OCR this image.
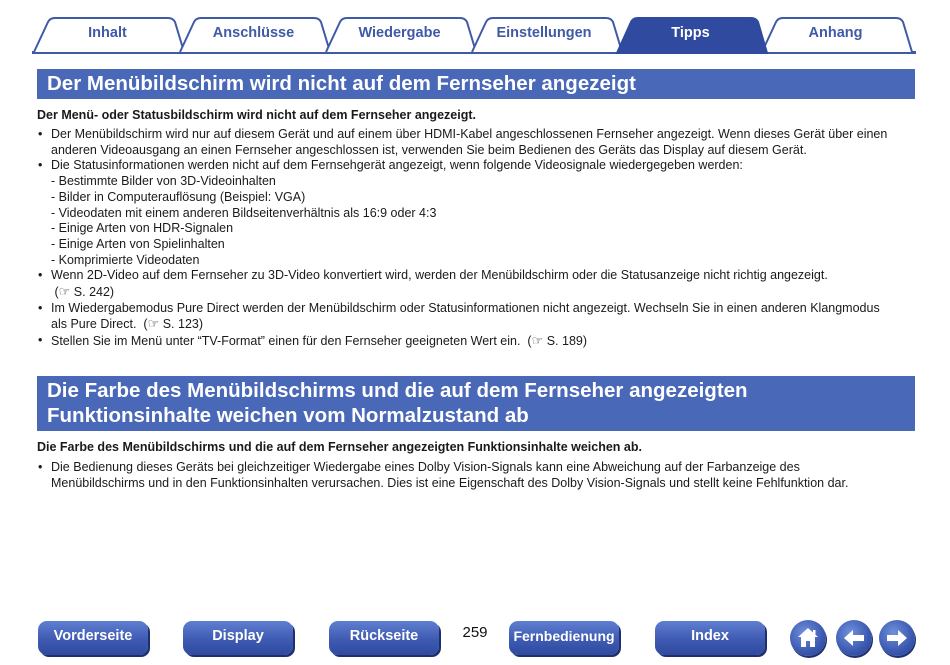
Inhalt	Anschlüsse	Wiedergabe	Einstellungen	Tipps	Anhang
Der Menübildschirm wird nicht auf dem Fernseher angezeigt
Der Menü- oder Statusbildschirm wird nicht auf dem Fernseher angezeigt.
• Der Menübildschirm wird nur auf diesem Gerät und auf einem über HDMI-Kabel angeschlossenen Fernseher angezeigt. Wenn dieses Gerät über einen
anderen Videoausgang an einen Fernseher angeschlossen ist, verwenden Sie beim Bedienen des Geräts das Display auf diesem Gerät.
• Die Statusinformationen werden nicht auf dem Fernsehgerät angezeigt, wenn folgende Videosignale wiedergegeben werden:
- Bestimmte Bilder von 3D-Videoinhalten
- Bilder in Computerauflösung (Beispiel: VGA)
- Videodaten mit einem anderen Bildseitenverhältnis als 16:9 oder 4:3
- Einige Arten von HDR-Signalen
- Einige Arten von Spielinhalten
- Komprimierte Videodaten
• Wenn 2D-Video auf dem Fernseher zu 3D-Video konvertiert wird, werden der Menübildschirm oder die Statusanzeige nicht richtig angezeigt.
(☞ S. 242)
• Im Wiedergabemodus Pure Direct werden der Menübildschirm oder Statusinformationen nicht angezeigt. Wechseln Sie in einen anderen Klangmodus
als Pure Direct. (☞ S. 123)
• Stellen Sie im Menü unter “TV-Format” einen für den Fernseher geeigneten Wert ein. (☞ S. 189)
Die Farbe des Menübildschirms und die auf dem Fernseher angezeigten
Funktionsinhalte weichen vom Normalzustand ab
Die Farbe des Menübildschirms und die auf dem Fernseher angezeigten Funktionsinhalte weichen ab.
• Die Bedienung dieses Geräts bei gleichzeitiger Wiedergabe eines Dolby Vision-Signals kann eine Abweichung auf der Farbanzeige des
Menübildschirms und in den Funktionsinhalten verursachen. Dies ist eine Eigenschaft des Dolby Vision-Signals und stellt keine Fehlfunktion dar.
Vorderseite	Display	Rückseite	259	Fernbedienung	Index
